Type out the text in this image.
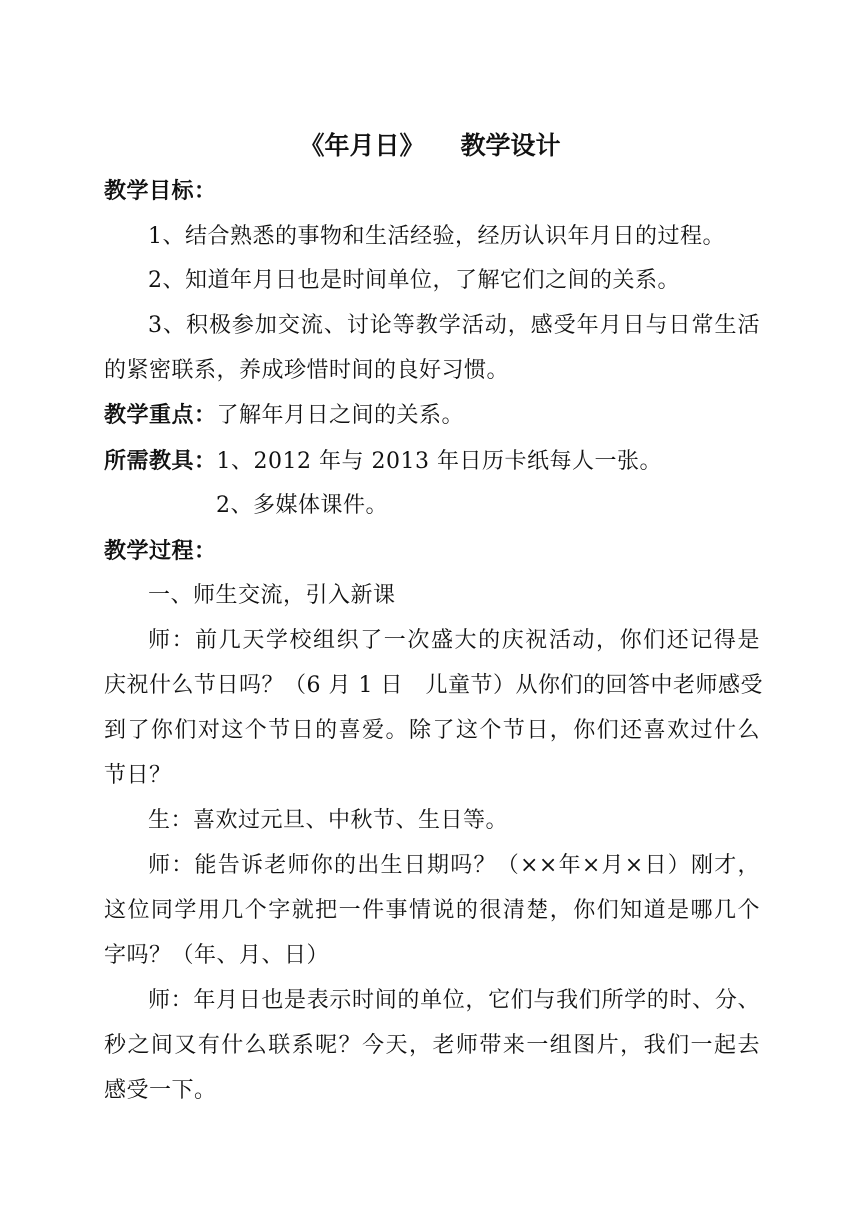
《年月日》 教学设计
教学目标：
1、结合熟悉的事物和生活经验，经历认识年月日的过程。
2、知道年月日也是时间单位，了解它们之间的关系。
3、积极参加交流、讨论等教学活动，感受年月日与日常生活
的紧密联系，养成珍惜时间的良好习惯。
教学重点：了解年月日之间的关系。
所需教具：1、2012 年与 2013 年日历卡纸每人一张。
2、多媒体课件。
教学过程：
一、师生交流，引入新课
师：前几天学校组织了一次盛大的庆祝活动，你们还记得是
庆祝什么节日吗？（6 月 1 日　儿童节）从你们的回答中老师感受
到了你们对这个节日的喜爱。除了这个节日，你们还喜欢过什么
节日？
生：喜欢过元旦、中秋节、生日等。
师：能告诉老师你的出生日期吗？（××年×月×日）刚才，
这位同学用几个字就把一件事情说的很清楚，你们知道是哪几个
字吗？（年、月、日）
师：年月日也是表示时间的单位，它们与我们所学的时、分、
秒之间又有什么联系呢？今天，老师带来一组图片，我们一起去
感受一下。
